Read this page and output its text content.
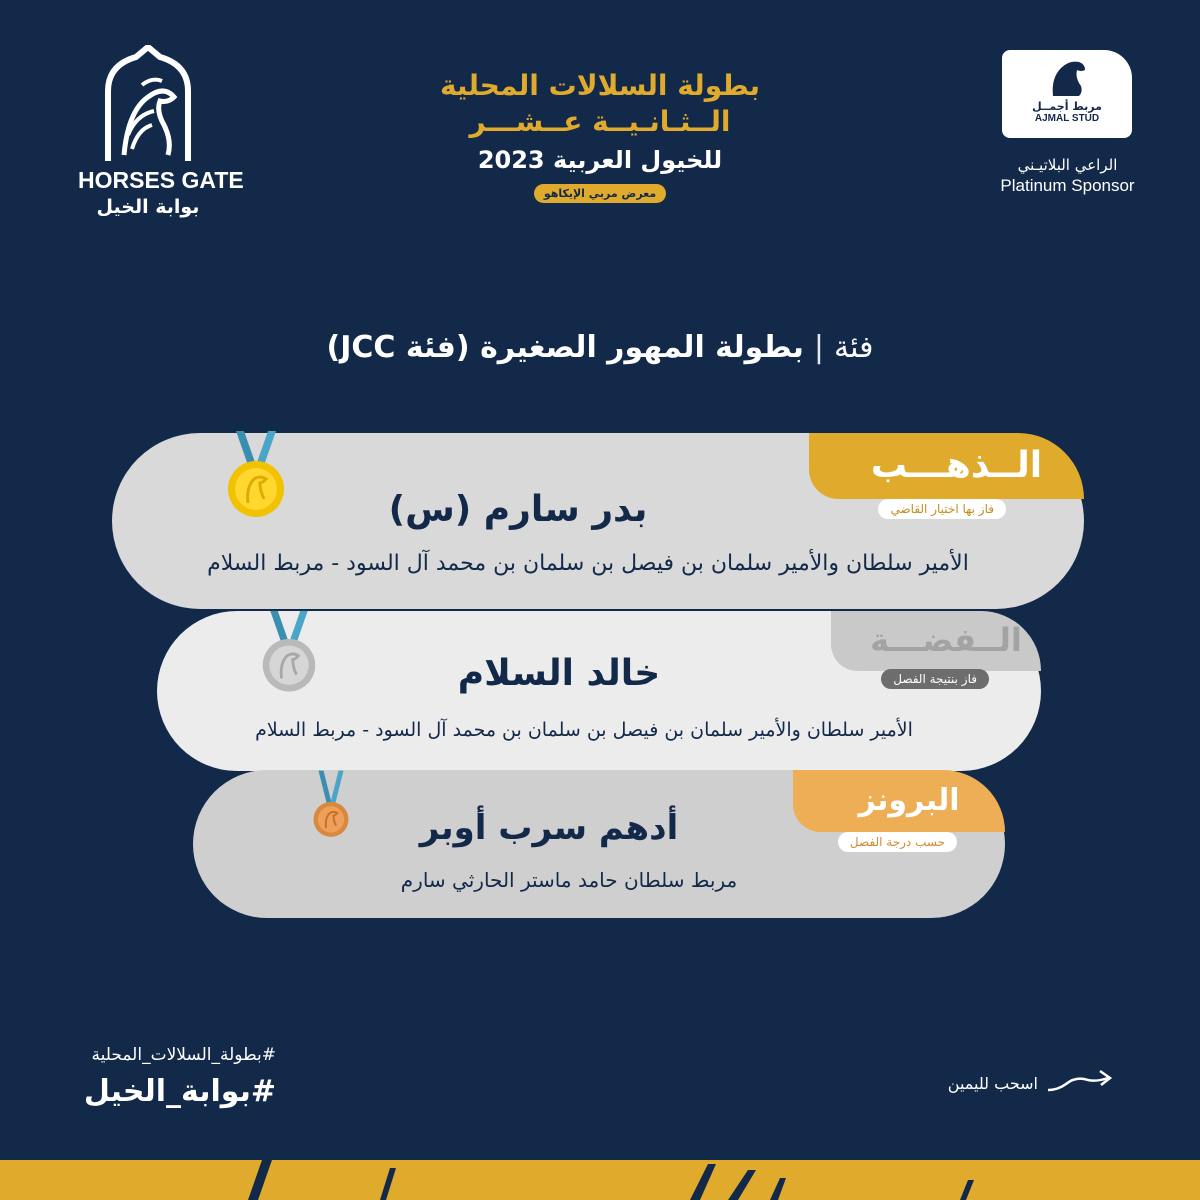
HORSES GATE
بوابة الخيل
بطولة السلالات المحلية
الــثـانـيــة عــشـــر
للخيول العربية 2023
معرض مربي الإيكاهو
مربط أجمــل
AJMAL STUD
الراعي البلاتيـني
Platinum Sponsor
فئة|بطولة المهور الصغيرة (فئة JCC)
الــذهـــب
فاز بها اختيار القاضي
بدر سارم (س)
الأمير سلطان والأمير سلمان بن فيصل بن سلمان بن محمد آل السود - مربط السلام
الــفضـــة
فاز بنتيجة الفصل
خالد السلام
الأمير سلطان والأمير سلمان بن فيصل بن سلمان بن محمد آل السود - مربط السلام
البرونز
حسب درجة الفصل
أدهم سرب أوبر
مربط سلطان حامد ماستر الحارثي سارم
#بطولة_السلالات_المحلية
#بوابة_الخيل	اسحب لليمين
